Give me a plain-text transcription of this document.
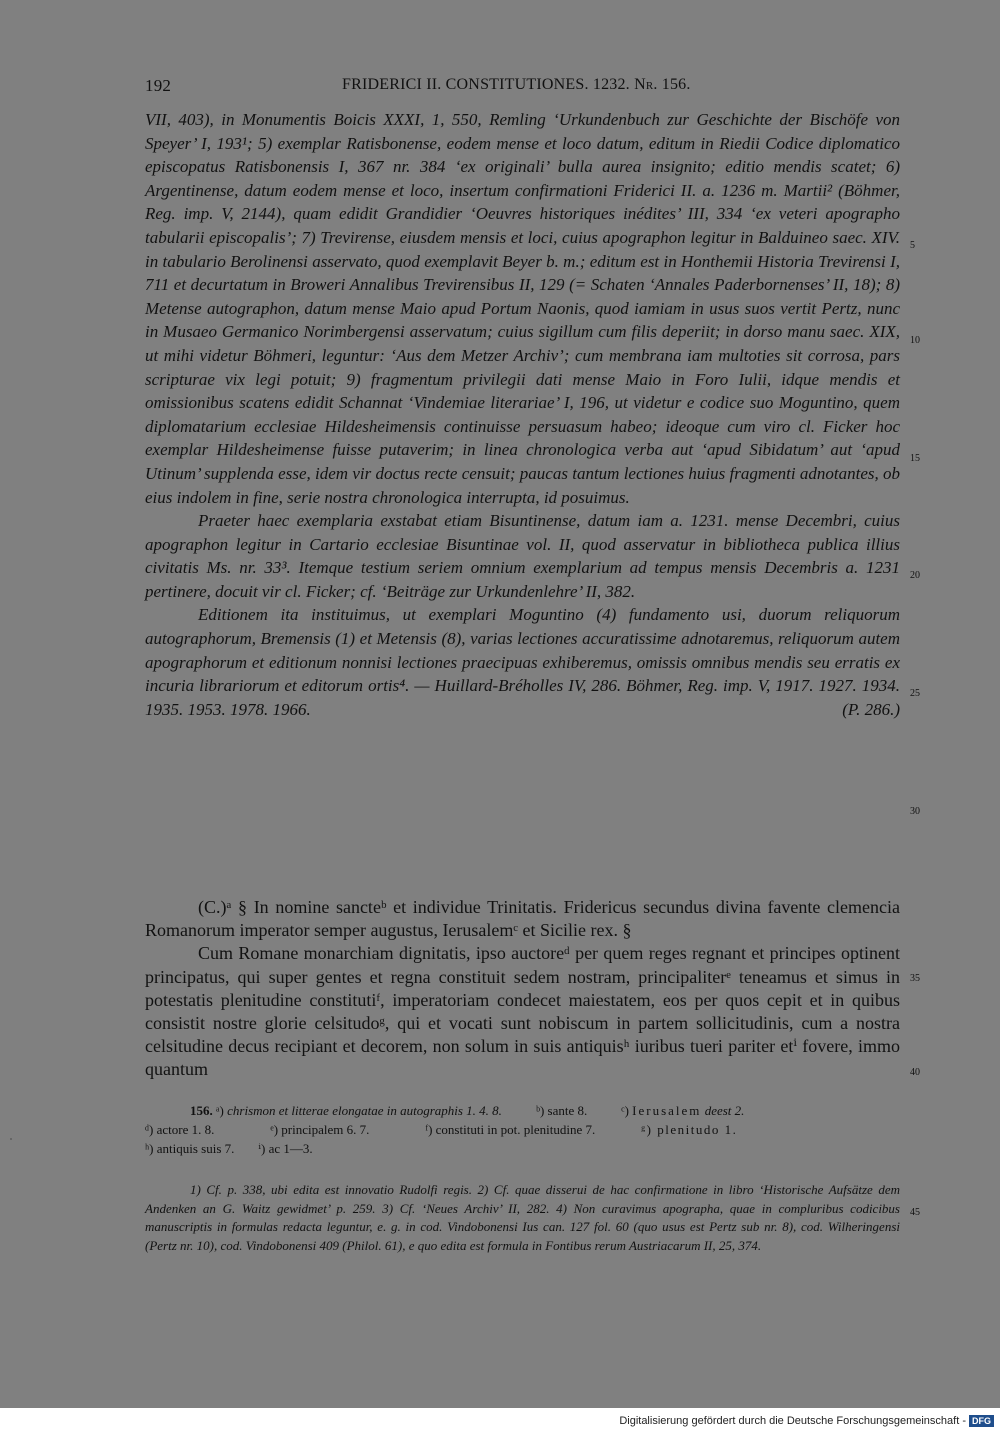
192	FRIDERICI II. CONSTITUTIONES. 1232. Nr. 156.

VII, 403), in Monumentis Boicis XXXI, 1, 550, Remling ‘Urkundenbuch zur Geschichte der Bischöfe von Speyer’ I, 193¹; 5) exemplar Ratisbonense, eodem mense et loco datum, editum in Riedii Codice diplomatico episcopatus Ratisbonensis I, 367 nr. 384 ‘ex originali’ bulla aurea insignito; editio mendis scatet; 6) Argentinense, datum eodem mense et loco, insertum confirmationi Friderici II. a. 1236 m. Martii² (Böhmer, Reg. imp. V, 2144), quam edidit Grandidier ‘Oeuvres historiques inédites’ III, 334 ‘ex veteri apographo tabularii episcopalis’; 7) Trevirense, eiusdem mensis et loci, cuius apographon legitur in Balduineo saec. XIV. in tabulario Berolinensi asservato, quod exemplavit Beyer b. m.; editum est in Honthemii Historia Trevirensi I, 711 et decurtatum in Broweri Annalibus Trevirensibus II, 129 (= Schaten ‘Annales Paderbornenses’ II, 18); 8) Metense autographon, datum mense Maio apud Portum Naonis, quod iamiam in usus suos vertit Pertz, nunc in Musaeo Germanico Norimbergensi asservatum; cuius sigillum cum filis deperiit; in dorso manu saec. XIX, ut mihi videtur Böhmeri, leguntur: ‘Aus dem Metzer Archiv’; cum membrana iam multoties sit corrosa, pars scripturae vix legi potuit; 9) fragmentum privilegii dati mense Maio in Foro Iulii, idque mendis et omissionibus scatens edidit Schannat ‘Vindemiae literariae’ I, 196, ut videtur e codice suo Moguntino, quem diplomatarium ecclesiae Hildesheimensis continuisse persuasum habeo; ideoque cum viro cl. Ficker hoc exemplar Hildesheimense fuisse putaverim; in linea chronologica verba aut ‘apud Sibidatum’ aut ‘apud Utinum’ supplenda esse, idem vir doctus recte censuit; paucas tantum lectiones huius fragmenti adnotantes, ob eius indolem in fine, serie nostra chronologica interrupta, id posuimus.

Praeter haec exemplaria exstabat etiam Bisuntinense, datum iam a. 1231. mense Decembri, cuius apographon legitur in Cartario ecclesiae Bisuntinae vol. II, quod asservatur in bibliotheca publica illius civitatis Ms. nr. 33³. Itemque testium seriem omnium exemplarium ad tempus mensis Decembris a. 1231 pertinere, docuit vir cl. Ficker; cf. ‘Beiträge zur Urkundenlehre’ II, 382.

Editionem ita instituimus, ut exemplari Moguntino (4) fundamento usi, duorum reliquorum autographorum, Bremensis (1) et Metensis (8), varias lectiones accuratissime adnotaremus, reliquorum autem apographorum et editionum nonnisi lectiones praecipuas exhiberemus, omissis omnibus mendis seu erratis ex incuria librariorum et editorum ortis⁴. — Huillard-Bréholles IV, 286. Böhmer, Reg. imp. V, 1917. 1927. 1934. 1935. 1953. 1978. 1966.	(P. 286.)

(C.)ᵃ § In nomine sancteᵇ et individue Trinitatis. Fridericus secundus divina favente clemencia Romanorum imperator semper augustus, Ierusalemᶜ et Sicilie rex. §

Cum Romane monarchiam dignitatis, ipso auctoreᵈ per quem reges regnant et principes optinent principatus, qui super gentes et regna constituit sedem nostram, principaliterᵉ teneamus et simus in potestatis plenitudine constitutiᶠ, imperatoriam condecet maiestatem, eos per quos cepit et in quibus consistit nostre glorie celsitudoᵍ, qui et vocati sunt nobiscum in partem sollicitudinis, cum a nostra celsitudine decus recipiant et decorem, non solum in suis antiquisʰ iuribus tueri pariter etⁱ fovere, immo quantum

5
10
15
20
25
30
35
40
45
156. ᵃ) chrismon et litterae elongatae in autographis 1. 4. 8.	ᵇ) sante 8.	ᶜ) Ierusalem deest 2.
ᵈ) actore 1. 8.	ᵉ) principalem 6. 7.	ᶠ) constituti in pot. plenitudine 7.	ᵍ) plenitudo 1.
ʰ) antiquis suis 7. ⁱ) ac 1—3.

1) Cf. p. 338, ubi edita est innovatio Rudolfi regis. 2) Cf. quae disserui de hac confirmatione in libro ‘Historische Aufsätze dem Andenken an G. Waitz gewidmet’ p. 259. 3) Cf. ‘Neues Archiv’ II, 282. 4) Non curavimus apographa, quae in compluribus codicibus manuscriptis in formulas redacta leguntur, e. g. in cod. Vindobonensi Ius can. 127 fol. 60 (quo usus est Pertz sub nr. 8), cod. Wilheringensi (Pertz nr. 10), cod. Vindobonensi 409 (Philol. 61), e quo edita est formula in Fontibus rerum Austriacarum II, 25, 374.

Digitalisierung gefördert durch die Deutsche Forschungsgemeinschaft - DFG
